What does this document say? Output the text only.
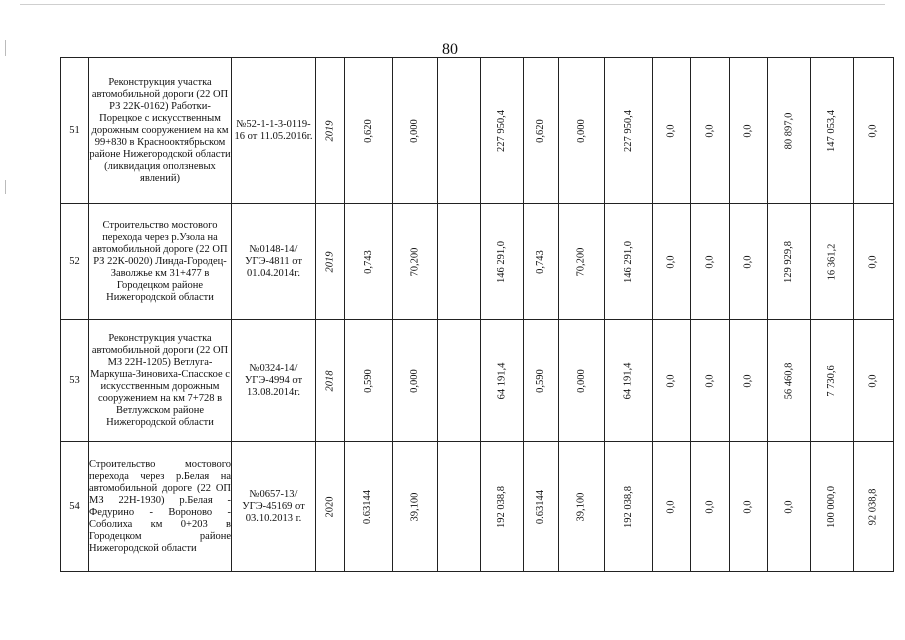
80
51	Реконструкция участка автомобильной дороги (22 ОП РЗ 22К-0162) Работки-Порецкое с искусственным дорожным сооружением на км 99+830 в Краснооктябрьском районе Нижегородской области (ликвидация оползневых явлений)	№52-1-1-3-0119-16 от 11.05.2016г.	2019	0,620	0,000		227 950,4	0,620	0,000	227 950,4	0,0	0,0	0,0	80 897,0	147 053,4	0,0
52	Строительство мостового перехода через р.Узола на автомобильной дороге (22 ОП РЗ 22К-0020) Линда-Городец-Заволжье км 31+477 в Городецком районе Нижегородской области	№0148-14/УГЭ-4811 от 01.04.2014г.	2019	0,743	70,200		146 291,0	0,743	70,200	146 291,0	0,0	0,0	0,0	129 929,8	16 361,2	0,0
53	Реконструкция участка автомобильной дороги (22 ОП МЗ 22Н-1205) Ветлуга-Маркуша-Зиновиха-Спасское с искусственным дорожным сооружением на км 7+728 в Ветлужском районе Нижегородской области	№0324-14/УГЭ-4994 от 13.08.2014г.	2018	0,590	0,000		64 191,4	0,590	0,000	64 191,4	0,0	0,0	0,0	56 460,8	7 730,6	0,0
54	Строительство мостового перехода через р.Белая на автомобильной дороге (22 ОП МЗ 22Н-1930) р.Белая - Федурино - Вороново - Соболиха км 0+203 в Городецком районе Нижегородской области	№0657-13/УГЭ-45169 от 03.10.2013 г.	2020	0.63144	39,100		192 038,8	0.63144	39,100	192 038,8	0,0	0,0	0,0	0,0	100 000,0	92 038,8
